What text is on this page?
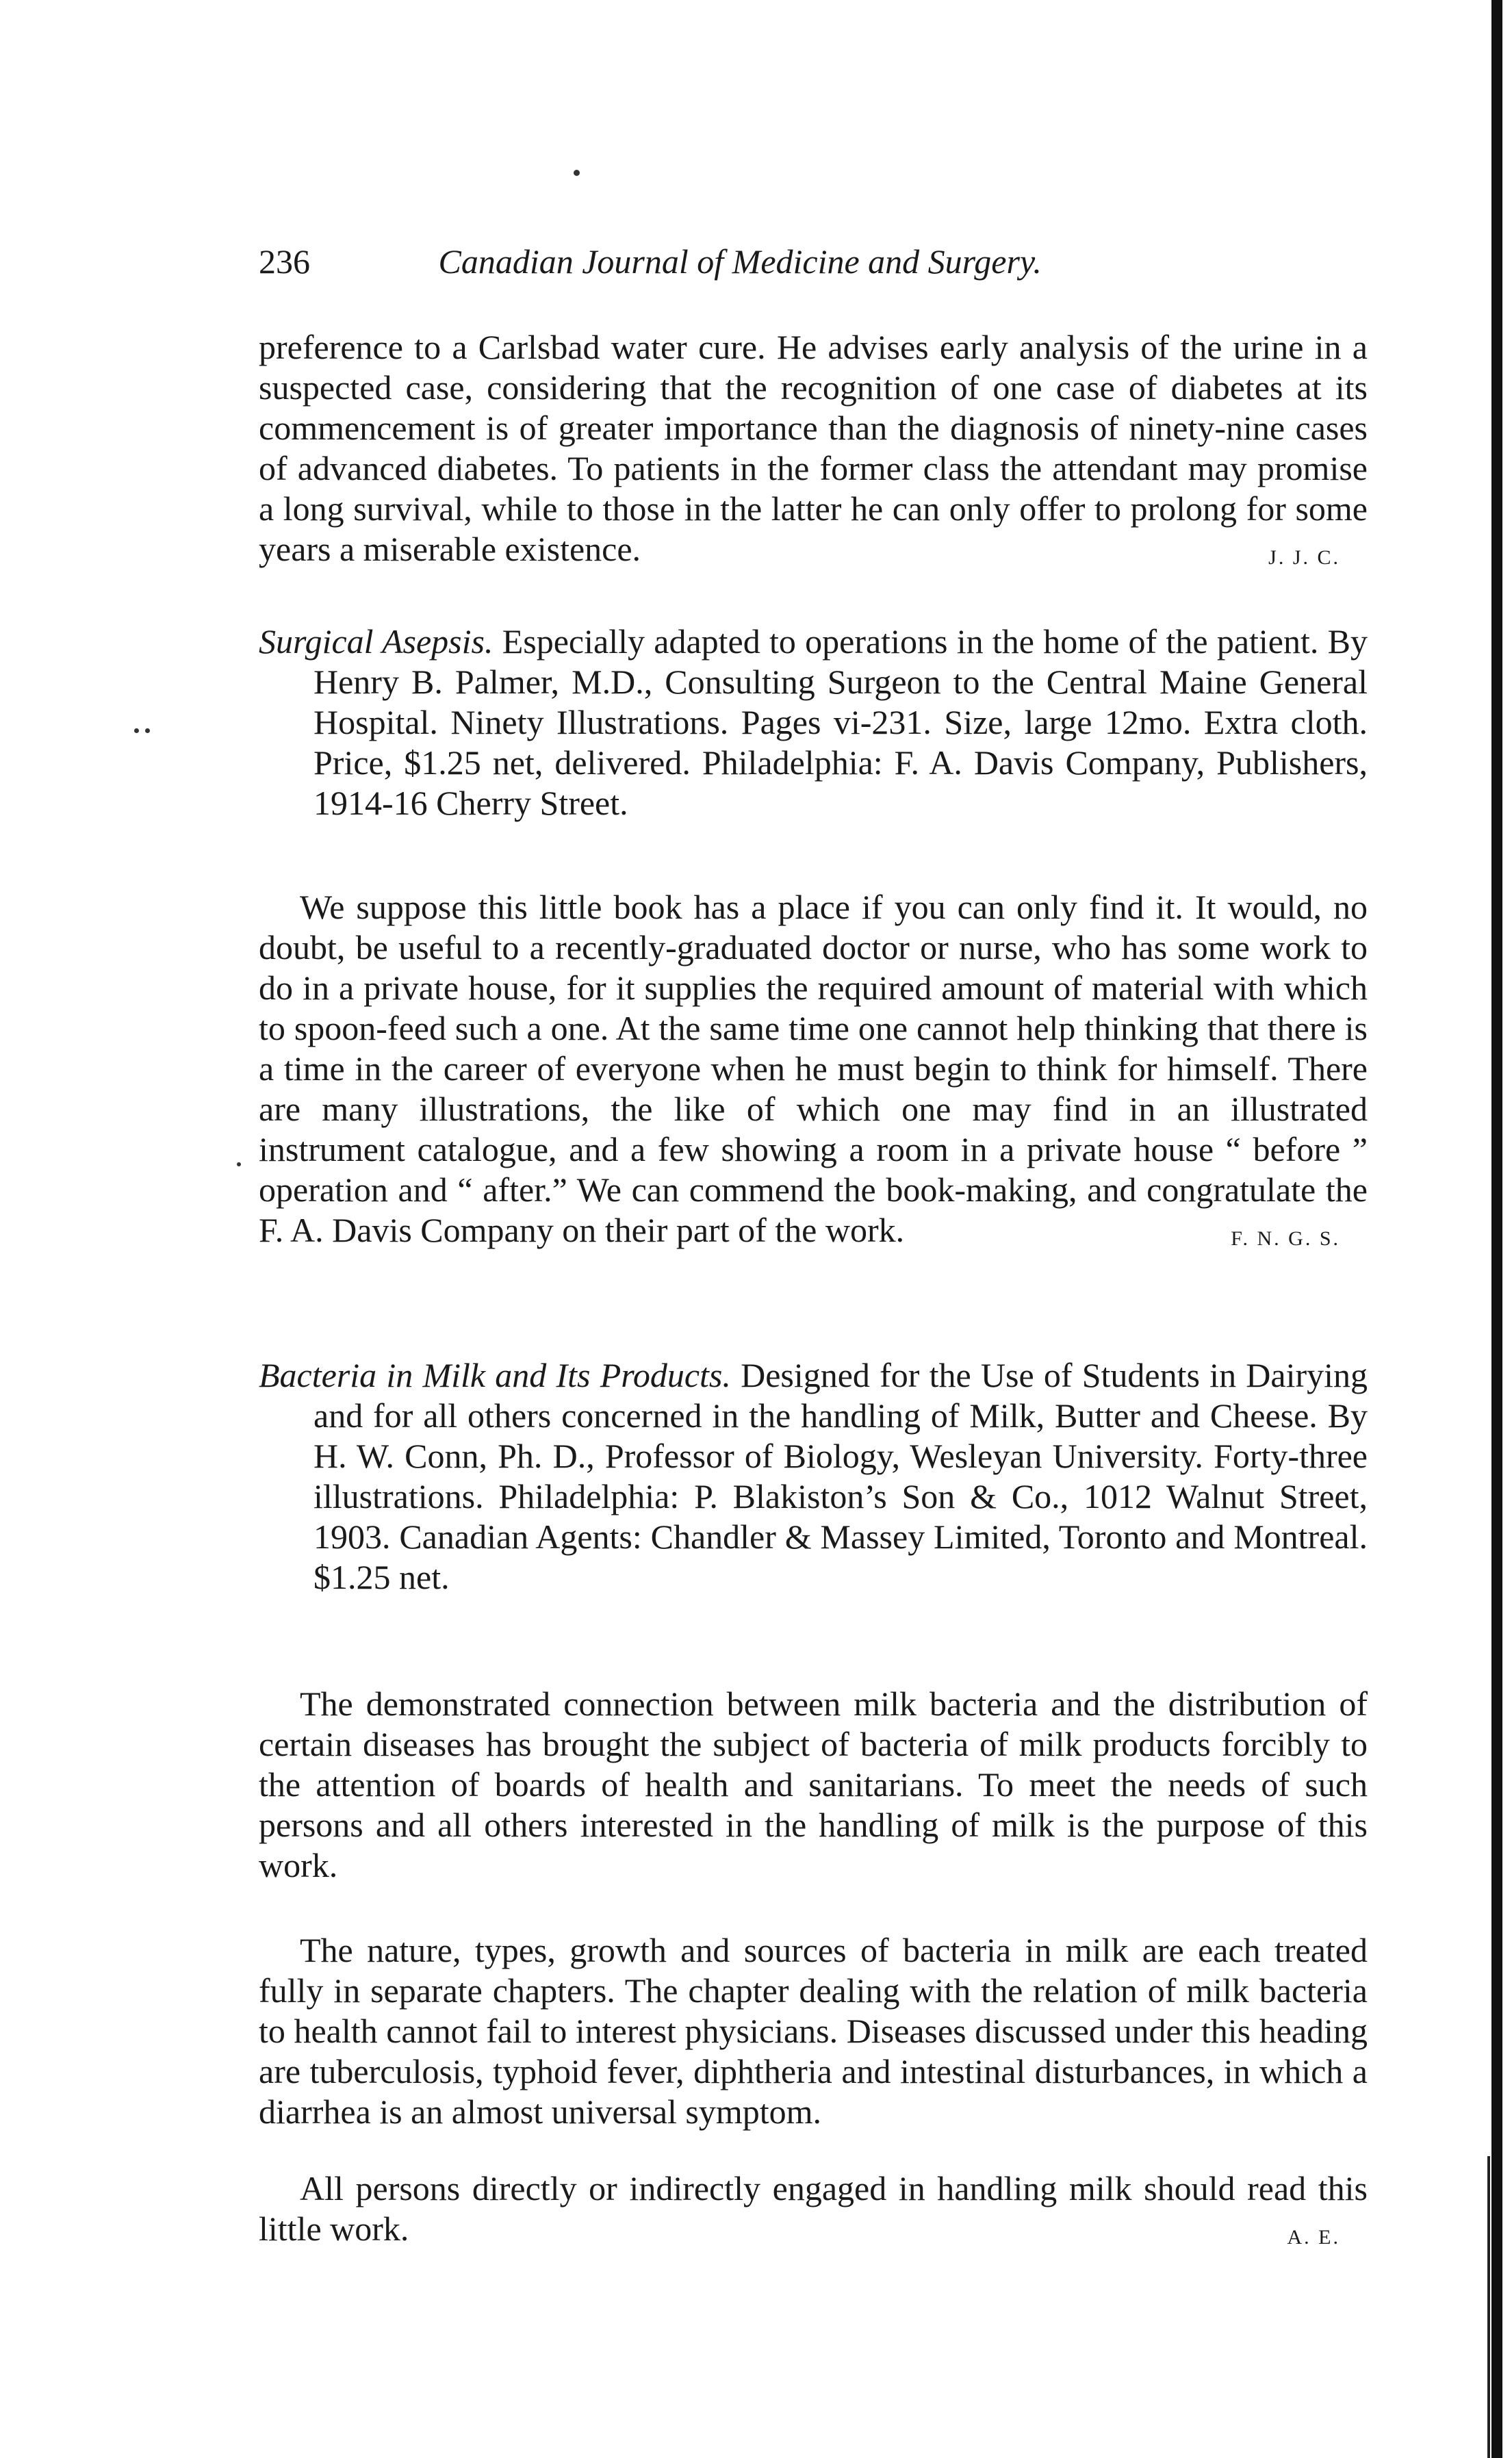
236	Canadian Journal of Medicine and Surgery.

preference to a Carlsbad water cure. He advises early analysis of the urine in a suspected case, considering that the recognition of one case of diabetes at its commencement is of greater importance than the diagnosis of ninety-nine cases of advanced diabetes. To patients in the former class the attendant may promise a long survival, while to those in the latter he can only offer to prolong for some years a miserable existence.	J. J. C.

Surgical Asepsis. Especially adapted to operations in the home of the patient. By Henry B. Palmer, M.D., Consulting Surgeon to the Central Maine General Hospital. Ninety Illustrations. Pages vi-231. Size, large 12mo. Extra cloth. Price, $1.25 net, delivered. Philadelphia: F. A. Davis Company, Publishers, 1914-16 Cherry Street.

We suppose this little book has a place if you can only find it. It would, no doubt, be useful to a recently-graduated doctor or nurse, who has some work to do in a private house, for it supplies the required amount of material with which to spoon-feed such a one. At the same time one cannot help thinking that there is a time in the career of everyone when he must begin to think for himself. There are many illustrations, the like of which one may find in an illustrated instrument catalogue, and a few showing a room in a private house “ before ” operation and “ after.” We can commend the book-making, and congratulate the F. A. Davis Company on their part of the work.	F. N. G. S.

Bacteria in Milk and Its Products. Designed for the Use of Students in Dairying and for all others concerned in the handling of Milk, Butter and Cheese. By H. W. Conn, Ph. D., Professor of Biology, Wesleyan University. Forty-three illustrations. Philadelphia: P. Blakiston’s Son & Co., 1012 Walnut Street, 1903. Canadian Agents: Chandler & Massey Limited, Toronto and Montreal. $1.25 net.

The demonstrated connection between milk bacteria and the distribution of certain diseases has brought the subject of bacteria of milk products forcibly to the attention of boards of health and sanitarians. To meet the needs of such persons and all others interested in the handling of milk is the purpose of this work.

The nature, types, growth and sources of bacteria in milk are each treated fully in separate chapters. The chapter dealing with the relation of milk bacteria to health cannot fail to interest physicians. Diseases discussed under this heading are tuberculosis, typhoid fever, diphtheria and intestinal disturbances, in which a diarrhea is an almost universal symptom.

All persons directly or indirectly engaged in handling milk should read this little work.	A. E.
